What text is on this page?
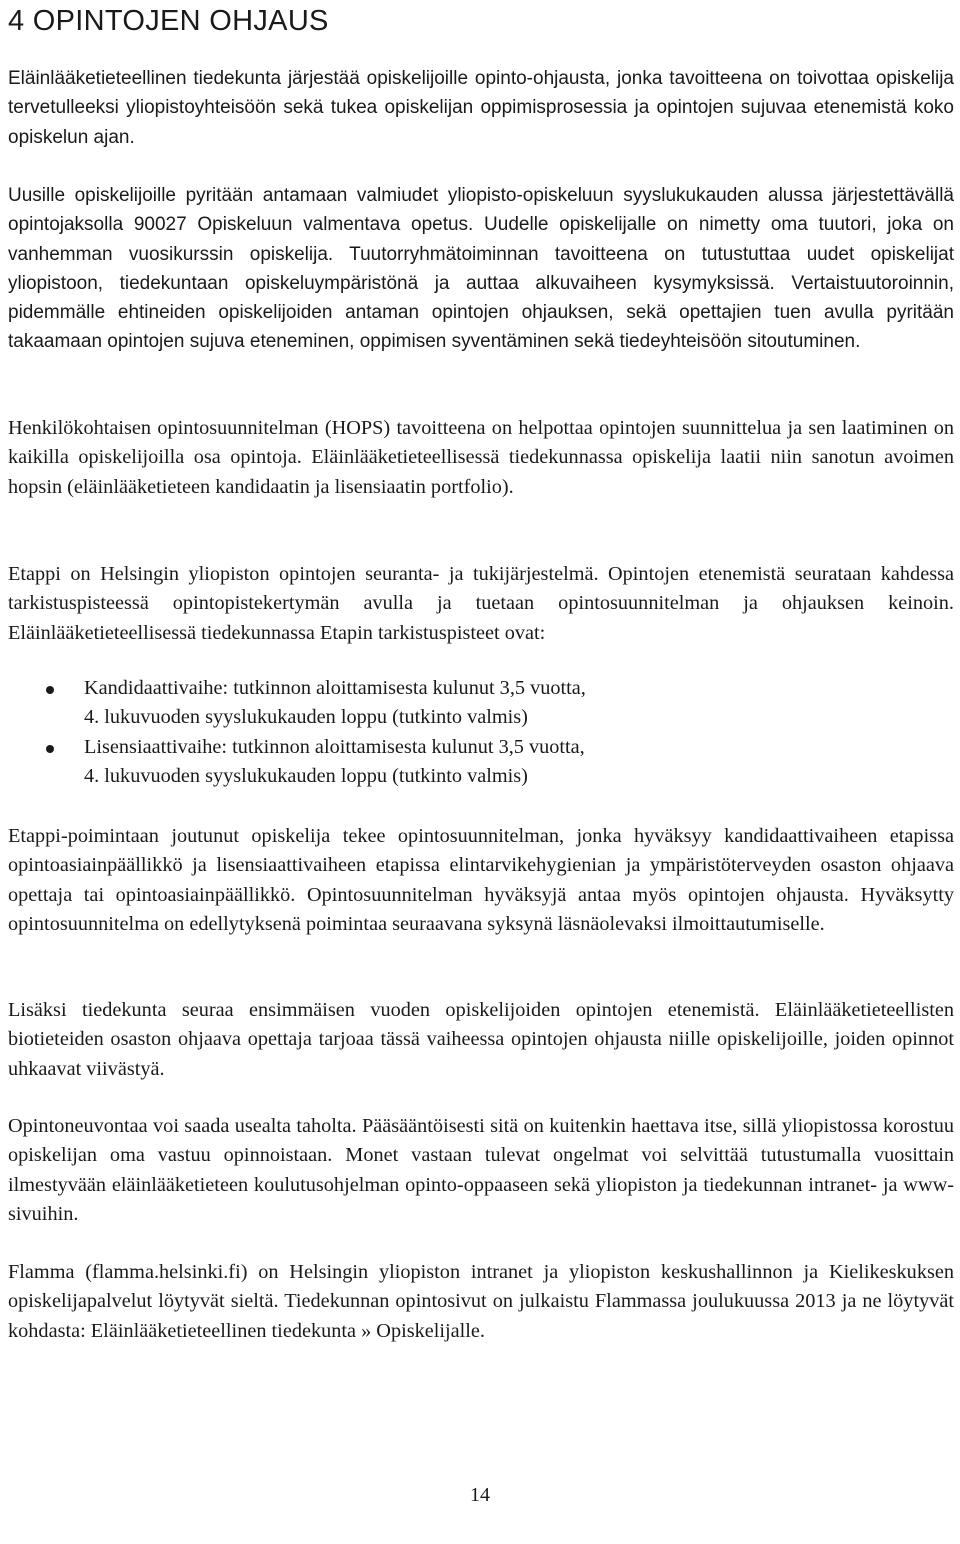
4 OPINTOJEN OHJAUS

Eläinlääketieteellinen tiedekunta järjestää opiskelijoille opinto-ohjausta, jonka tavoitteena on toivottaa opiskelija tervetulleeksi yliopistoyhteisöön sekä tukea opiskelijan oppimisprosessia ja opintojen sujuvaa etenemistä koko opiskelun ajan.

Uusille opiskelijoille pyritään antamaan valmiudet yliopisto-opiskeluun syyslukukauden alussa järjestettävällä opintojaksolla 90027 Opiskeluun valmentava opetus. Uudelle opiskelijalle on nimetty oma tuutori, joka on vanhemman vuosikurssin opiskelija. Tuutorryhmätoiminnan tavoitteena on tutustuttaa uudet opiskelijat yliopistoon, tiedekuntaan opiskeluympäristönä ja auttaa alkuvaiheen kysymyksissä. Vertaistuutoroinnin, pidemmälle ehtineiden opiskelijoiden antaman opintojen ohjauksen, sekä opettajien tuen avulla pyritään takaamaan opintojen sujuva eteneminen, oppimisen syventäminen sekä tiedeyhteisöön sitoutuminen.

Henkilökohtaisen opintosuunnitelman (HOPS) tavoitteena on helpottaa opintojen suunnittelua ja sen laatiminen on kaikilla opiskelijoilla osa opintoja. Eläinlääketieteellisessä tiedekunnassa opiskelija laatii niin sanotun avoimen hopsin (eläinlääketieteen kandidaatin ja lisensiaatin portfolio).

Etappi on Helsingin yliopiston opintojen seuranta- ja tukijärjestelmä. Opintojen etenemistä seurataan kahdessa tarkistuspisteessä opintopistekertymän avulla ja tuetaan opintosuunnitelman ja ohjauksen keinoin. Eläinlääketieteellisessä tiedekunnassa Etapin tarkistuspisteet ovat:

Kandidaattivaihe: tutkinnon aloittamisesta kulunut 3,5 vuotta,
4. lukuvuoden syyslukukauden loppu (tutkinto valmis)
Lisensiaattivaihe: tutkinnon aloittamisesta kulunut 3,5 vuotta,
4. lukuvuoden syyslukukauden loppu (tutkinto valmis)

Etappi-poimintaan joutunut opiskelija tekee opintosuunnitelman, jonka hyväksyy kandidaattivaiheen etapissa opintoasiainpäällikkö ja lisensiaattivaiheen etapissa elintarvikehygienian ja ympäristöterveyden osaston ohjaava opettaja tai opintoasiainpäällikkö. Opintosuunnitelman hyväksyjä antaa myös opintojen ohjausta. Hyväksytty opintosuunnitelma on edellytyksenä poimintaa seuraavana syksynä läsnäolevaksi ilmoittautumiselle.

Lisäksi tiedekunta seuraa ensimmäisen vuoden opiskelijoiden opintojen etenemistä. Eläinlääketieteellisten biotieteiden osaston ohjaava opettaja tarjoaa tässä vaiheessa opintojen ohjausta niille opiskelijoille, joiden opinnot uhkaavat viivästyä.

Opintoneuvontaa voi saada usealta taholta. Pääsääntöisesti sitä on kuitenkin haettava itse, sillä yliopistossa korostuu opiskelijan oma vastuu opinnoistaan. Monet vastaan tulevat ongelmat voi selvittää tutustumalla vuosittain ilmestyvään eläinlääketieteen koulutusohjelman opinto-oppaaseen sekä yliopiston ja tiedekunnan intranet- ja www-sivuihin.

Flamma (flamma.helsinki.fi) on Helsingin yliopiston intranet ja yliopiston keskushallinnon ja Kielikeskuksen opiskelijapalvelut löytyvät sieltä. Tiedekunnan opintosivut on julkaistu Flammassa joulukuussa 2013 ja ne löytyvät kohdasta: Eläinlääketieteellinen tiedekunta » Opiskelijalle.

14
